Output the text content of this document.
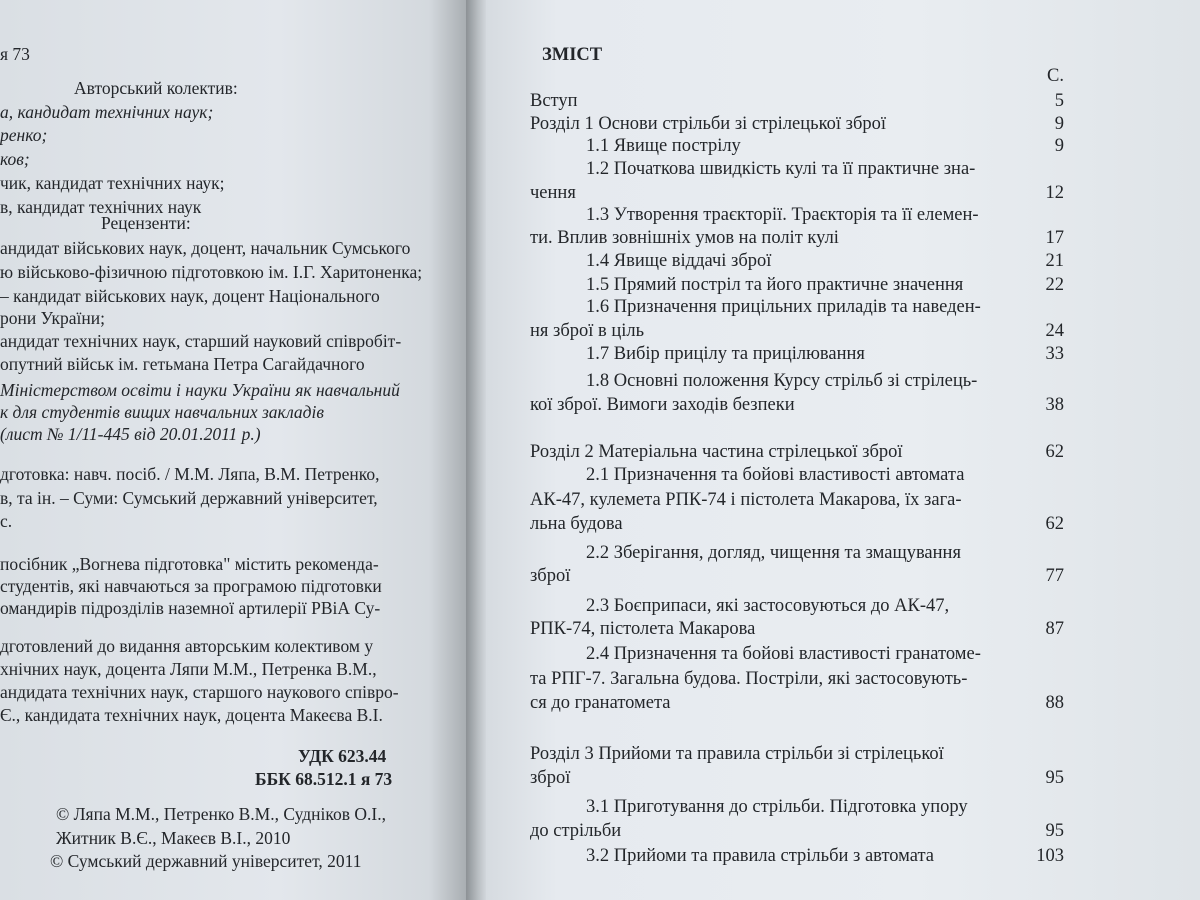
я 73
Авторський колектив:
а, кандидат технічних наук;
ренко;
ков;
чик, кандидат технічних наук;
в, кандидат технічних наук
Рецензенти:
андидат військових наук, доцент, начальник Сумського
ю військово-фізичною підготовкою ім. І.Г. Харитоненка;
– кандидат військових наук, доцент Національного
рони України;
андидат технічних наук, старший науковий співробіт-
опутний військ ім. гетьмана Петра Сагайдачного
Міністерством освіти і науки України як навчальний
к для студентів вищих навчальних закладів
(лист № 1/11-445 від 20.01.2011 р.)
дготовка: навч. посіб. / М.М. Ляпа, В.М. Петренко,
в, та ін. – Суми: Сумський державний університет,
с.
посібник „Вогнева підготовка" містить рекоменда-
студентів, які навчаються за програмою підготовки
омандирів підрозділів наземної артилерії РВіА Су-
дготовлений до видання авторським колективом у
хнічних наук, доцента Ляпи М.М., Петренка В.М.,
андидата технічних наук, старшого наукового співро-
Є., кандидата технічних наук, доцента Макеєва В.І.
УДК 623.44
ББК 68.512.1 я 73
© Ляпа М.М., Петренко В.М., Судніков О.І.,
Житник В.Є., Макеєв В.І., 2010
© Сумський державний університет, 2011
ЗМІСТ
С.
Вступ	5
Розділ 1 Основи стрільби зі стрілецької зброї	9
1.1 Явище пострілу	9
1.2 Початкова швидкість кулі та її практичне зна-
чення	12
1.3 Утворення траєкторії. Траєкторія та її елемен-
ти. Вплив зовнішніх умов на політ кулі	17
1.4 Явище віддачі зброї	21
1.5 Прямий постріл та його практичне значення	22
1.6 Призначення прицільних приладів та наведен-
ня зброї в ціль	24
1.7 Вибір прицілу та прицілювання	33
1.8 Основні положення Курсу стрільб зі стрілець-
кої зброї. Вимоги заходів безпеки	38
Розділ 2 Матеріальна частина стрілецької зброї	62
2.1 Призначення та бойові властивості автомата
АК-47, кулемета РПК-74 і пістолета Макарова, їх зага-
льна будова	62
2.2 Зберігання, догляд, чищення та змащування
зброї	77
2.3 Боєприпаси, які застосовуються до АК-47,
РПК-74, пістолета Макарова	87
2.4 Призначення та бойові властивості гранатоме-
та РПГ-7. Загальна будова. Постріли, які застосовують-
ся до гранатомета	88
Розділ 3 Прийоми та правила стрільби зі стрілецької
зброї	95
3.1 Приготування до стрільби. Підготовка упору
до стрільби	95
3.2 Прийоми та правила стрільби з автомата	103
